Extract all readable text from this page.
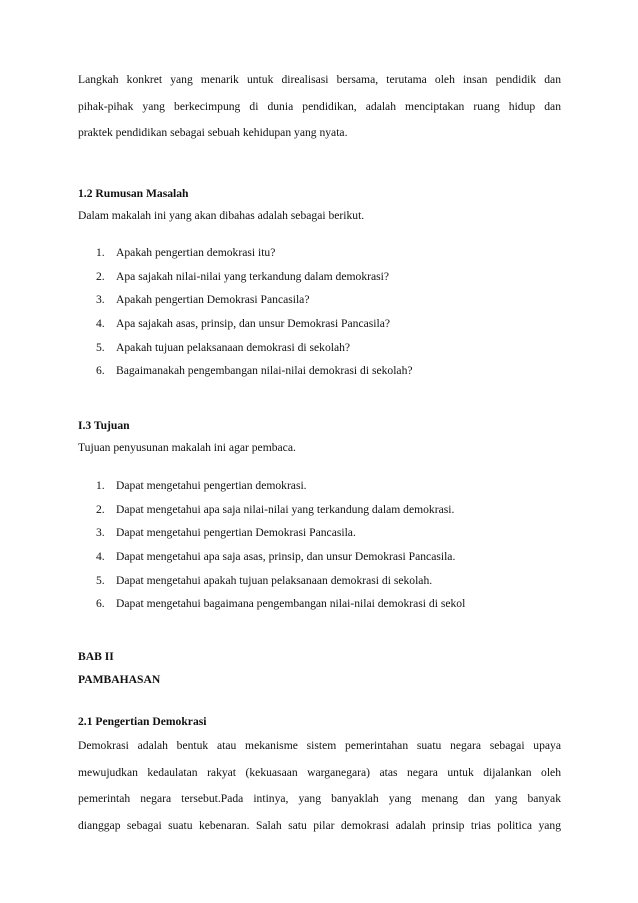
Langkah konkret yang menarik untuk direalisasi bersama, terutama oleh insan pendidik dan
pihak-pihak yang berkecimpung di dunia pendidikan, adalah menciptakan ruang hidup dan
praktek pendidikan sebagai sebuah kehidupan yang nyata.
1.2 Rumusan Masalah
Dalam makalah ini yang akan dibahas adalah sebagai berikut.
1. Apakah pengertian demokrasi itu?
2. Apa sajakah nilai-nilai yang terkandung dalam demokrasi?
3. Apakah pengertian Demokrasi Pancasila?
4. Apa sajakah asas, prinsip, dan unsur Demokrasi Pancasila?
5. Apakah tujuan pelaksanaan demokrasi di sekolah?
6. Bagaimanakah pengembangan nilai-nilai demokrasi di sekolah?
I.3 Tujuan
Tujuan penyusunan makalah ini agar pembaca.
1. Dapat mengetahui pengertian demokrasi.
2. Dapat mengetahui apa saja nilai-nilai yang terkandung dalam demokrasi.
3. Dapat mengetahui pengertian Demokrasi Pancasila.
4. Dapat mengetahui apa saja asas, prinsip, dan unsur Demokrasi Pancasila.
5. Dapat mengetahui apakah tujuan pelaksanaan demokrasi di sekolah.
6. Dapat mengetahui bagaimana pengembangan nilai-nilai demokrasi di sekol
BAB II
PAMBAHASAN
2.1 Pengertian Demokrasi
Demokrasi adalah bentuk atau mekanisme sistem pemerintahan suatu negara sebagai upaya
mewujudkan kedaulatan rakyat (kekuasaan warganegara) atas negara untuk dijalankan oleh
pemerintah negara tersebut.Pada intinya, yang banyaklah yang menang dan yang banyak
dianggap sebagai suatu kebenaran. Salah satu pilar demokrasi adalah prinsip trias politica yang
